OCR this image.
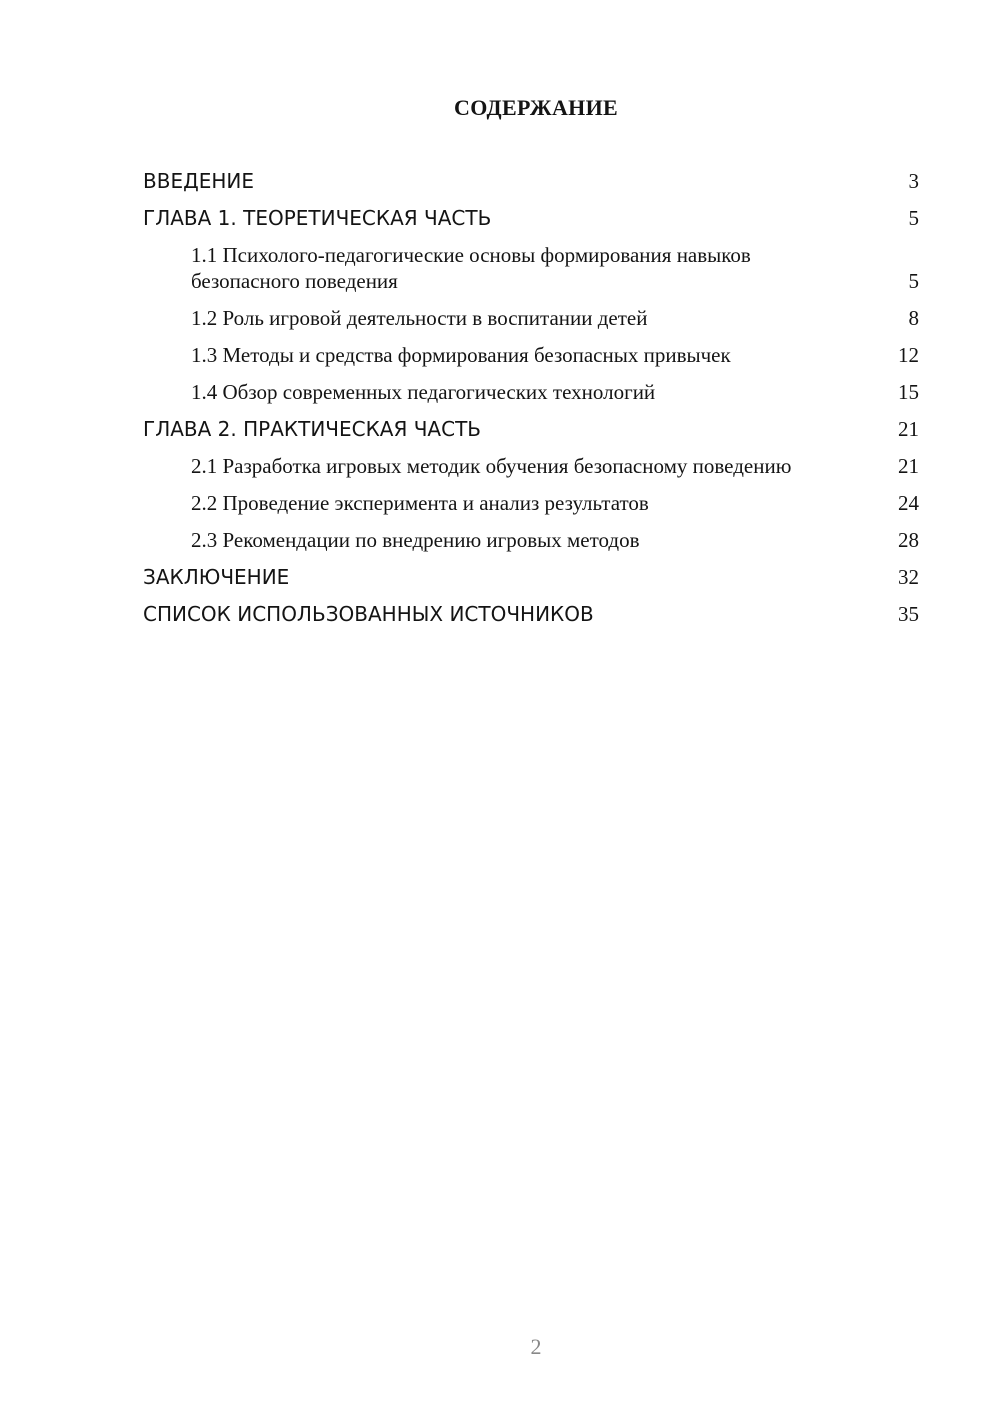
СОДЕРЖАНИЕ
ВВЕДЕНИЕ	3
ГЛАВА 1. ТЕОРЕТИЧЕСКАЯ ЧАСТЬ	5
1.1 Психолого-педагогические основы формирования навыков безопасного поведения	5
1.2 Роль игровой деятельности в воспитании детей	8
1.3 Методы и средства формирования безопасных привычек	12
1.4 Обзор современных педагогических технологий	15
ГЛАВА 2. ПРАКТИЧЕСКАЯ ЧАСТЬ	21
2.1 Разработка игровых методик обучения безопасному поведению	21
2.2 Проведение эксперимента и анализ результатов	24
2.3 Рекомендации по внедрению игровых методов	28
ЗАКЛЮЧЕНИЕ	32
СПИСОК ИСПОЛЬЗОВАННЫХ ИСТОЧНИКОВ	35
2
